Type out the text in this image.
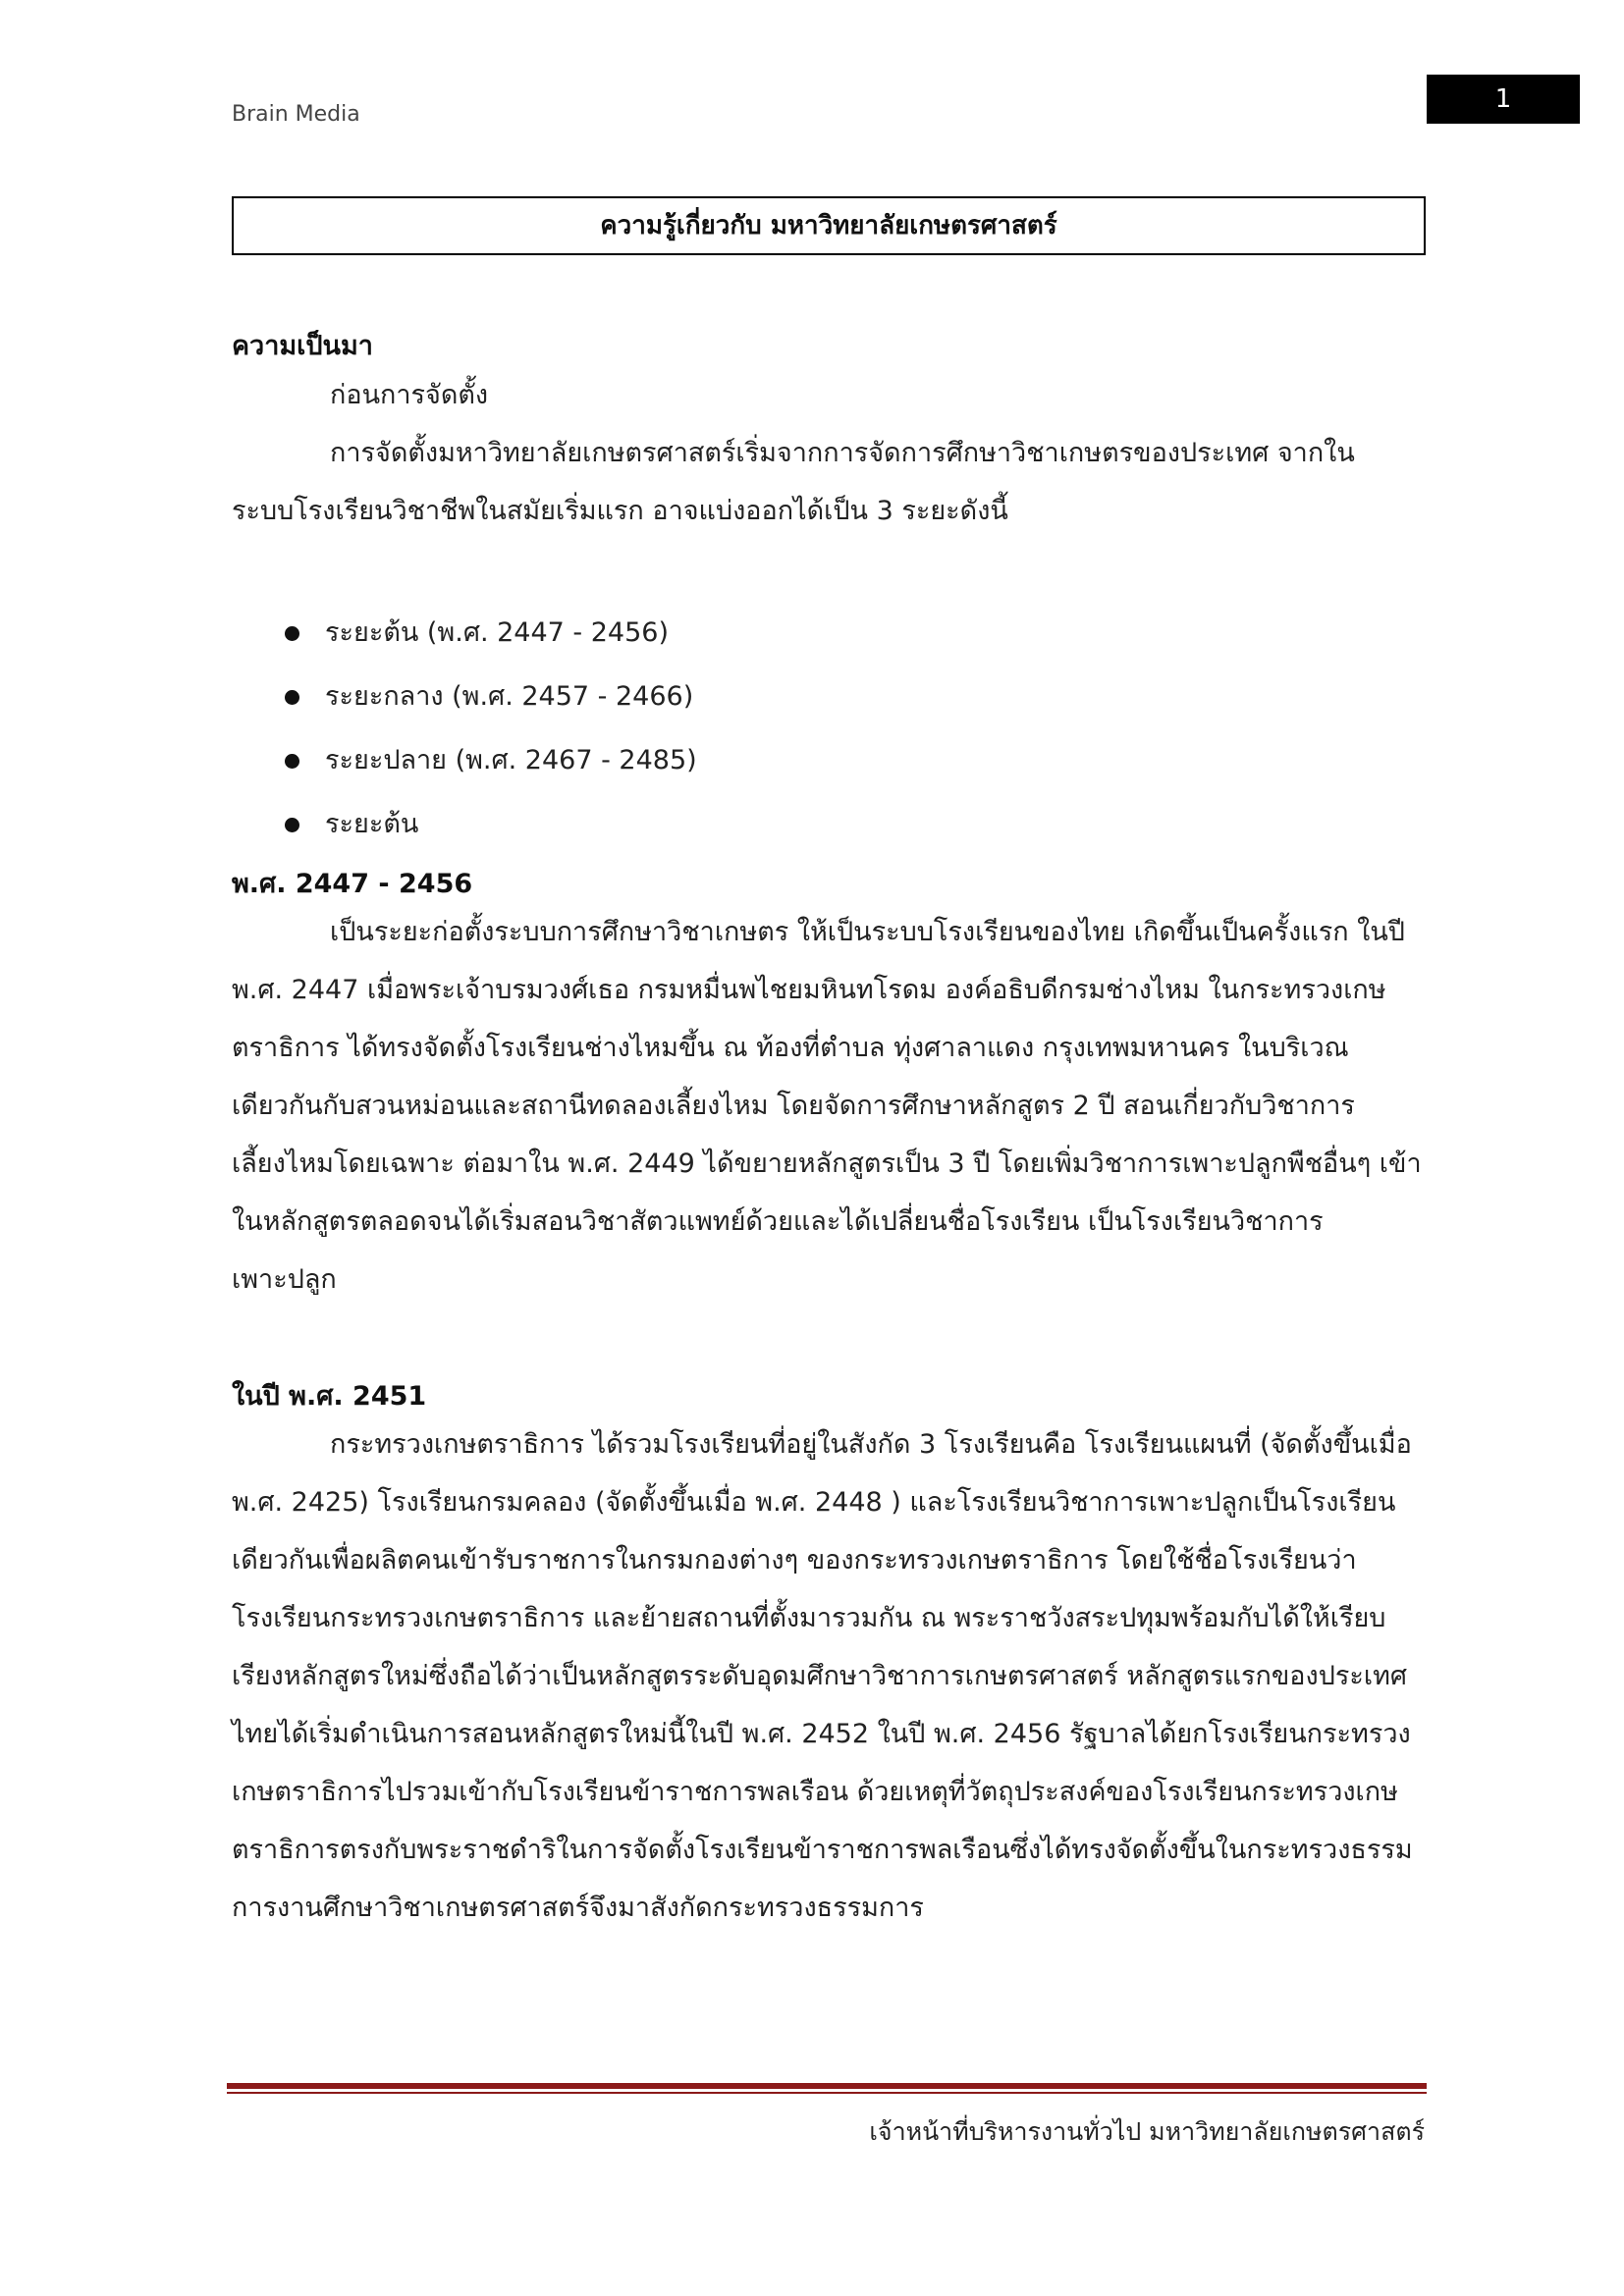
Brain Media
1
ความรู้เกี่ยวกับ มหาวิทยาลัยเกษตรศาสตร์
ความเป็นมา
ก่อนการจัดตั้ง
การจัดตั้งมหาวิทยาลัยเกษตรศาสตร์เริ่มจากการจัดการศึกษาวิชาเกษตรของประเทศ จากใน
ระบบโรงเรียนวิชาชีพในสมัยเริ่มแรก อาจแบ่งออกได้เป็น 3 ระยะดังนี้
ระยะต้น (พ.ศ. 2447 - 2456)
ระยะกลาง (พ.ศ. 2457 - 2466)
ระยะปลาย (พ.ศ. 2467 - 2485)
ระยะต้น
พ.ศ. 2447 - 2456
เป็นระยะก่อตั้งระบบการศึกษาวิชาเกษตร ให้เป็นระบบโรงเรียนของไทย เกิดขึ้นเป็นครั้งแรก ในปี
พ.ศ. 2447 เมื่อพระเจ้าบรมวงศ์เธอ กรมหมื่นพไชยมหินทโรดม องค์อธิบดีกรมช่างไหม ในกระทรวงเกษ
ตราธิการ ได้ทรงจัดตั้งโรงเรียนช่างไหมขึ้น ณ ท้องที่ตำบล ทุ่งศาลาแดง กรุงเทพมหานคร ในบริเวณ
เดียวกันกับสวนหม่อนและสถานีทดลองเลี้ยงไหม โดยจัดการศึกษาหลักสูตร 2 ปี สอนเกี่ยวกับวิชาการ
เลี้ยงไหมโดยเฉพาะ ต่อมาใน พ.ศ. 2449 ได้ขยายหลักสูตรเป็น 3 ปี โดยเพิ่มวิชาการเพาะปลูกพืชอื่นๆ เข้า
ในหลักสูตรตลอดจนได้เริ่มสอนวิชาสัตวแพทย์ด้วยและได้เปลี่ยนชื่อโรงเรียน เป็นโรงเรียนวิชาการ
เพาะปลูก
ในปี พ.ศ. 2451
กระทรวงเกษตราธิการ ได้รวมโรงเรียนที่อยู่ในสังกัด 3 โรงเรียนคือ โรงเรียนแผนที่ (จัดตั้งขึ้นเมื่อ
พ.ศ. 2425) โรงเรียนกรมคลอง (จัดตั้งขึ้นเมื่อ พ.ศ. 2448 ) และโรงเรียนวิชาการเพาะปลูกเป็นโรงเรียน
เดียวกันเพื่อผลิตคนเข้ารับราชการในกรมกองต่างๆ ของกระทรวงเกษตราธิการ โดยใช้ชื่อโรงเรียนว่า
โรงเรียนกระทรวงเกษตราธิการ และย้ายสถานที่ตั้งมารวมกัน ณ พระราชวังสระปทุมพร้อมกับได้ให้เรียบ
เรียงหลักสูตรใหม่ซึ่งถือได้ว่าเป็นหลักสูตรระดับอุดมศึกษาวิชาการเกษตรศาสตร์ หลักสูตรแรกของประเทศ
ไทยได้เริ่มดำเนินการสอนหลักสูตรใหม่นี้ในปี พ.ศ. 2452 ในปี พ.ศ. 2456 รัฐบาลได้ยกโรงเรียนกระทรวง
เกษตราธิการไปรวมเข้ากับโรงเรียนข้าราชการพลเรือน ด้วยเหตุที่วัตถุประสงค์ของโรงเรียนกระทรวงเกษ
ตราธิการตรงกับพระราชดำริในการจัดตั้งโรงเรียนข้าราชการพลเรือนซึ่งได้ทรงจัดตั้งขึ้นในกระทรวงธรรม
การงานศึกษาวิชาเกษตรศาสตร์จึงมาสังกัดกระทรวงธรรมการ
เจ้าหน้าที่บริหารงานทั่วไป มหาวิทยาลัยเกษตรศาสตร์
